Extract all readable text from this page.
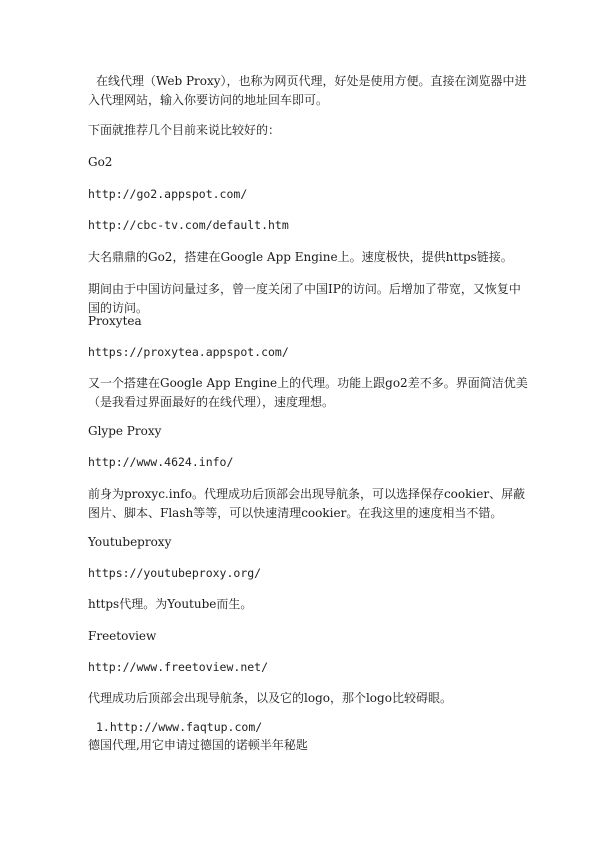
在线代理（Web Proxy），也称为网页代理，好处是使用方便。直接在浏览器中进入代理网站，输入你要访问的地址回车即可。

下面就推荐几个目前来说比较好的：

Go2

http://go2.appspot.com/

http://cbc-tv.com/default.htm

大名鼎鼎的Go2，搭建在Google App Engine上。速度极快，提供https链接。

期间由于中国访问量过多，曾一度关闭了中国IP的访问。后增加了带宽，又恢复中国的访问。

Proxytea

https://proxytea.appspot.com/

又一个搭建在Google App Engine上的代理。功能上跟go2差不多。界面简洁优美（是我看过界面最好的在线代理），速度理想。

Glype Proxy

http://www.4624.info/

前身为proxyc.info。代理成功后顶部会出现导航条，可以选择保存cookier、屏蔽图片、脚本、Flash等等，可以快速清理cookier。在我这里的速度相当不错。

Youtubeproxy

https://youtubeproxy.org/

https代理。为Youtube而生。

Freetoview

http://www.freetoview.net/

代理成功后顶部会出现导航条，以及它的logo，那个logo比较碍眼。

1.http://www.faqtup.com/

德国代理,用它申请过德国的诺顿半年秘匙
